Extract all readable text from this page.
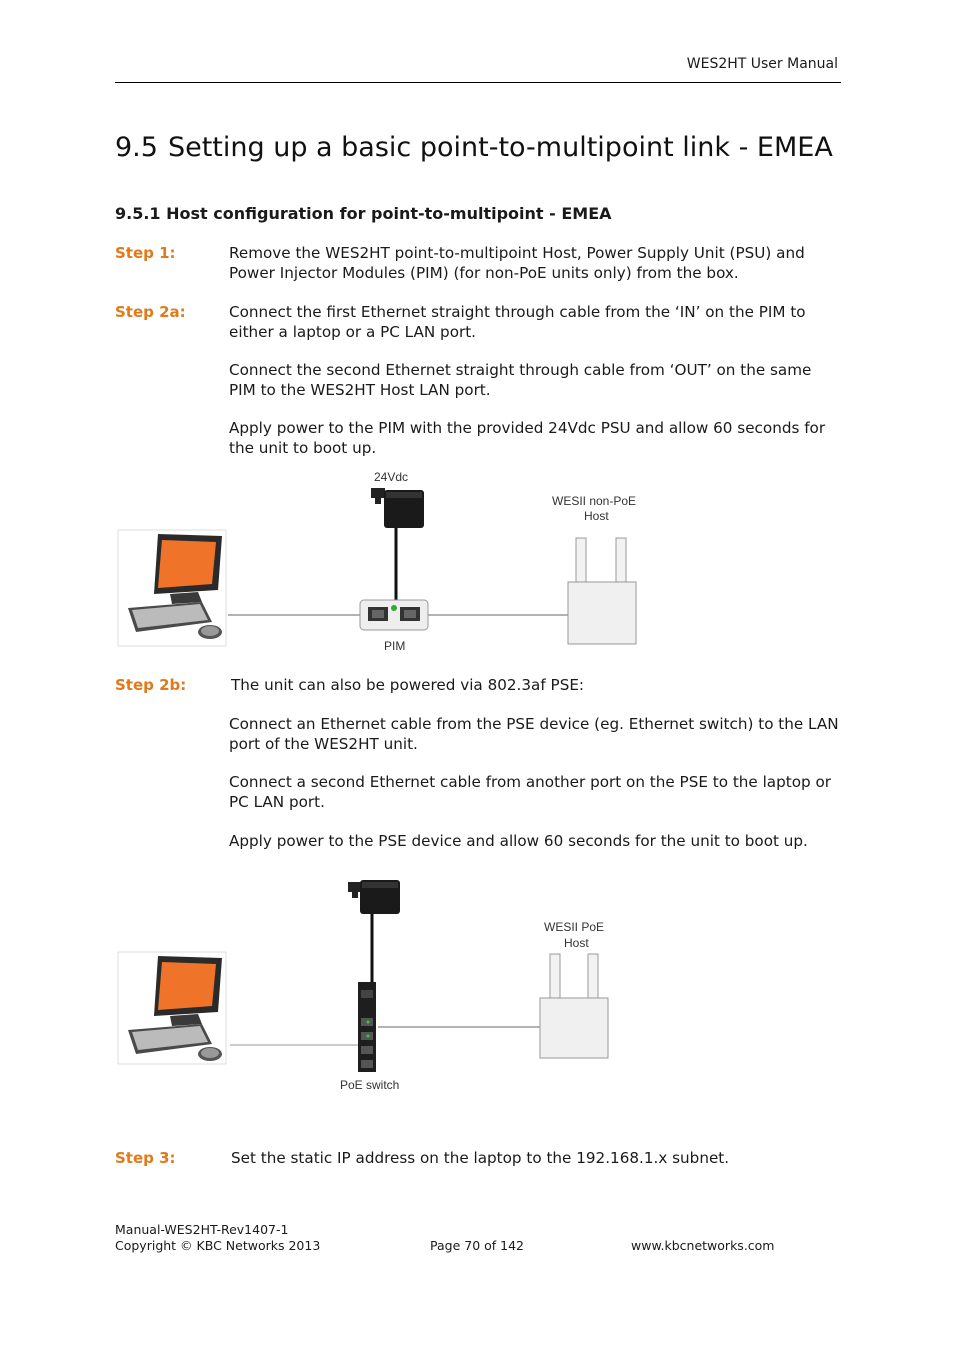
WES2HT User Manual
9.5 Setting up a basic point-to-multipoint link - EMEA
9.5.1 Host configuration for point-to-multipoint - EMEA
Step 1:	Remove the WES2HT point-to-multipoint Host, Power Supply Unit (PSU) and Power Injector Modules (PIM) (for non-PoE units only) from the box.
Step 2a:	Connect the first Ethernet straight through cable from the ‘IN’ on the PIM to either a laptop or a PC LAN port.
Connect the second Ethernet straight through cable from ‘OUT’ on the same PIM to the WES2HT Host LAN port.
Apply power to the PIM with the provided 24Vdc PSU and allow 60 seconds for the unit to boot up.
24Vdc
PIM
WESII non-PoE
Host
Step 2b:	The unit can also be powered via 802.3af PSE:
Connect an Ethernet cable from the PSE device (eg. Ethernet switch) to the LAN port of the WES2HT unit.
Connect a second Ethernet cable from another port on the PSE to the laptop or PC LAN port.
Apply power to the PSE device and allow 60 seconds for the unit to boot up.
PoE switch
WESII PoE
Host
Step 3:	Set the static IP address on the laptop to the 192.168.1.x subnet.
Manual-WES2HT-Rev1407-1
Copyright © KBC Networks 2013	Page 70 of 142	www.kbcnetworks.com
